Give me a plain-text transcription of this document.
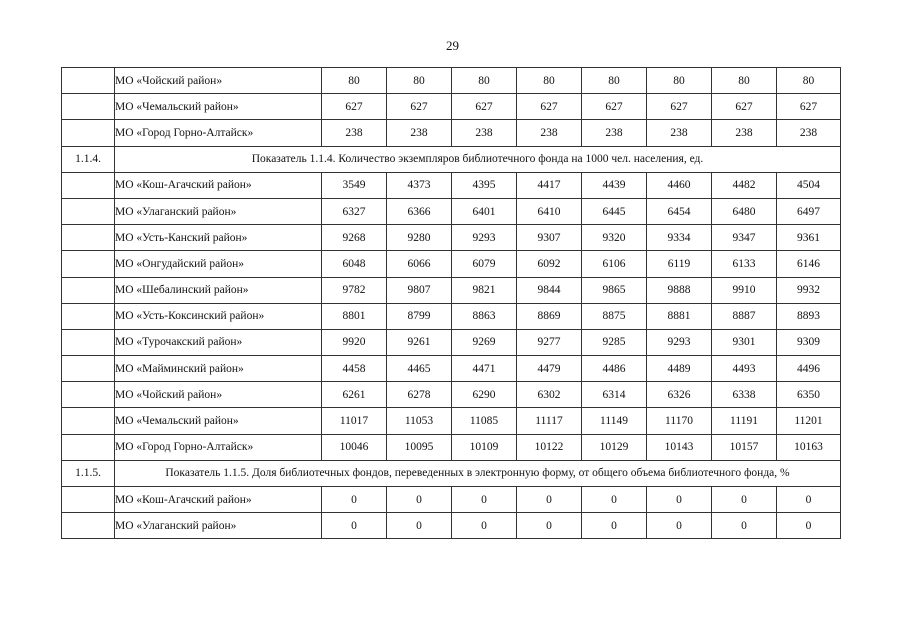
29
	МО «Чойский район»	80	80	80	80	80	80	80	80
	МО «Чемальский район»	627	627	627	627	627	627	627	627
	МО «Город Горно-Алтайск»	238	238	238	238	238	238	238	238
1.1.4.	Показатель 1.1.4. Количество экземпляров библиотечного фонда на 1000 чел. населения, ед.								
	МО «Кош-Агачский район»	3549	4373	4395	4417	4439	4460	4482	4504
	МО «Улаганский район»	6327	6366	6401	6410	6445	6454	6480	6497
	МО «Усть-Канский район»	9268	9280	9293	9307	9320	9334	9347	9361
	МО «Онгудайский район»	6048	6066	6079	6092	6106	6119	6133	6146
	МО «Шебалинский район»	9782	9807	9821	9844	9865	9888	9910	9932
	МО «Усть-Коксинский район»	8801	8799	8863	8869	8875	8881	8887	8893
	МО «Турочакский район»	9920	9261	9269	9277	9285	9293	9301	9309
	МО «Майминский район»	4458	4465	4471	4479	4486	4489	4493	4496
	МО «Чойский район»	6261	6278	6290	6302	6314	6326	6338	6350
	МО «Чемальский район»	11017	11053	11085	11117	11149	11170	11191	11201
	МО «Город Горно-Алтайск»	10046	10095	10109	10122	10129	10143	10157	10163
1.1.5.	Показатель 1.1.5. Доля библиотечных фондов, переведенных в электронную форму, от общего объема библиотечного фонда, %								
	МО «Кош-Агачский район»	0	0	0	0	0	0	0	0
	МО «Улаганский район»	0	0	0	0	0	0	0	0
